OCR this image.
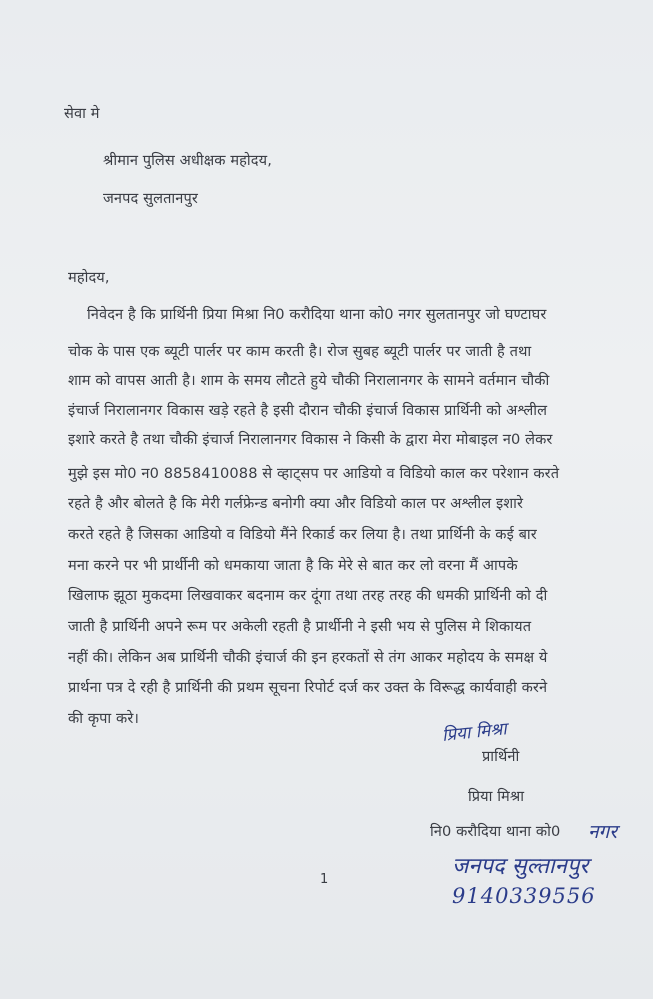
सेवा मे
श्रीमान पुलिस अधीक्षक महोदय,
जनपद सुलतानपुर
महोदय,
निवेदन है कि प्रार्थिनी प्रिया मिश्रा नि0 करौदिया थाना को0 नगर सुलतानपुर जो घण्टाघर
चोक के पास एक ब्यूटी पार्लर पर काम करती है। रोज सुबह ब्यूटी पार्लर पर जाती है तथा
शाम को वापस आती है। शाम के समय लौटते हुये चौकी निरालानगर के सामने वर्तमान चौकी
इंचार्ज निरालानगर विकास खड़े रहते है इसी दौरान चौकी इंचार्ज विकास प्रार्थिनी को अश्लील
इशारे करते है तथा चौकी इंचार्ज निरालानगर विकास ने किसी के द्वारा मेरा मोबाइल न0 लेकर
मुझे इस मो0 न0 8858410088 से व्हाट्सप पर आडियो व विडियो काल कर परेशान करते
रहते है और बोलते है कि मेरी गर्लफ्रेन्ड बनोगी क्या और विडियो काल पर अश्लील इशारे
करते रहते है जिसका आडियो व विडियो मैंने रिकार्ड कर लिया है। तथा प्रार्थिनी के कई बार
मना करने पर भी प्रार्थीनी को धमकाया जाता है कि मेरे से बात कर लो वरना मैं आपके
खिलाफ झूठा मुकदमा लिखवाकर बदनाम कर दूंगा तथा तरह तरह की धमकी प्रार्थिनी को दी
जाती है प्रार्थिनी अपने रूम पर अकेली रहती है प्रार्थीनी ने इसी भय से पुलिस मे शिकायत
नहीं की। लेकिन अब प्रार्थिनी चौकी इंचार्ज की इन हरकतों से तंग आकर महोदय के समक्ष ये
प्रार्थना पत्र दे रही है प्रार्थिनी की प्रथम सूचना रिपोर्ट दर्ज कर उक्त के विरूद्ध कार्यवाही करने
की कृपा करे।
प्रिया मिश्रा
प्रार्थिनी
प्रिया मिश्रा
नि0 करौदिया थाना को0 नगर
जनपद सुल्तानपुर
9140339556
1
